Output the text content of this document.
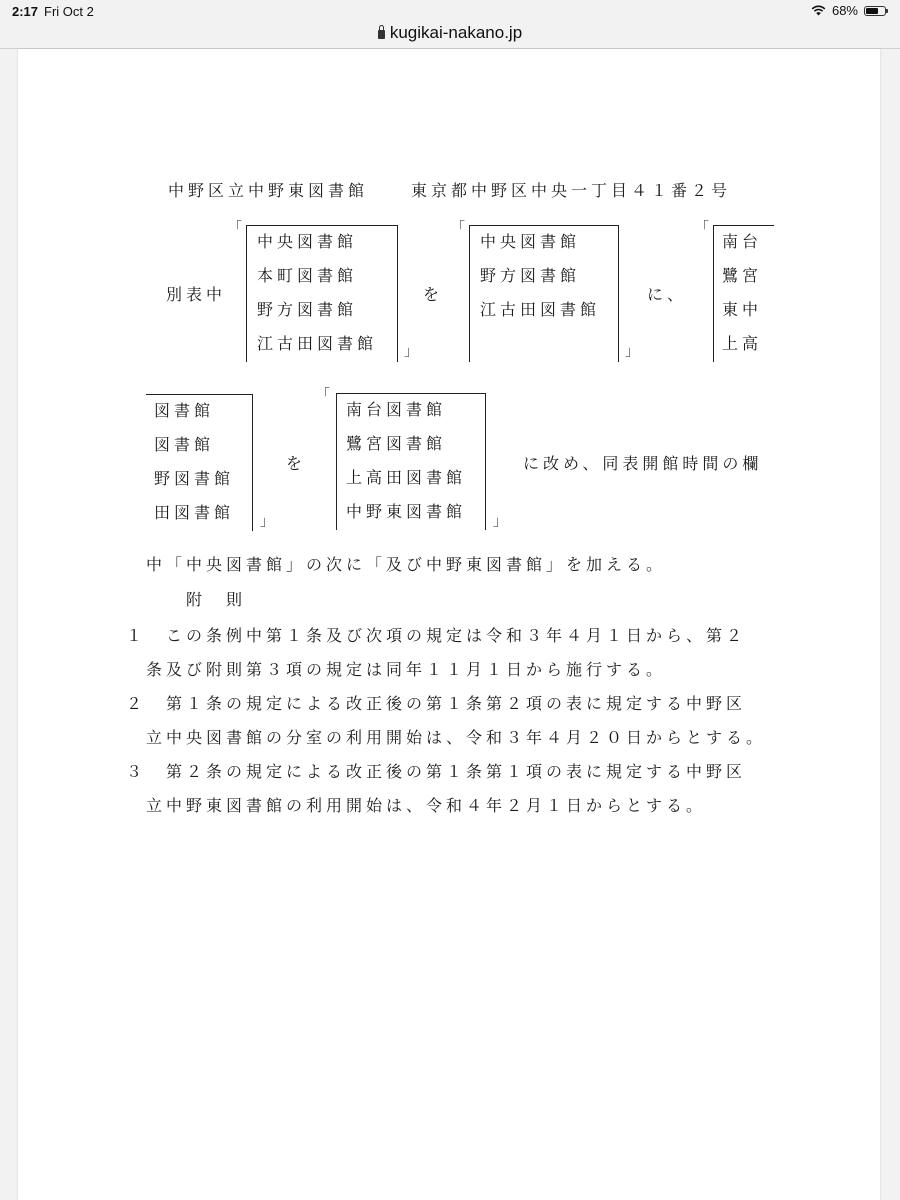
2:17 Fri Oct 2	68%
kugikai-nakano.jp
中野区立中野東図書館	東京都中野区中央一丁目４１番２号
別表中
「
中央図書館
本町図書館
野方図書館
江古田図書館 」
を
「
中央図書館
野方図書館
江古田図書館
」
に、
「
南台
鷺宮
東中
上高
図書館
図書館
野図書館
田図書館 」
を
「
南台図書館
鷺宮図書館
上高田図書館
中野東図書館
」
に改め、同表開館時間の欄
中「中央図書館」の次に「及び中野東図書館」を加える。
附　則
１ この条例中第１条及び次項の規定は令和３年４月１日から、第２
条及び附則第３項の規定は同年１１月１日から施行する。
２ 第１条の規定による改正後の第１条第２項の表に規定する中野区
立中央図書館の分室の利用開始は、令和３年４月２０日からとする。
３ 第２条の規定による改正後の第１条第１項の表に規定する中野区
立中野東図書館の利用開始は、令和４年２月１日からとする。
